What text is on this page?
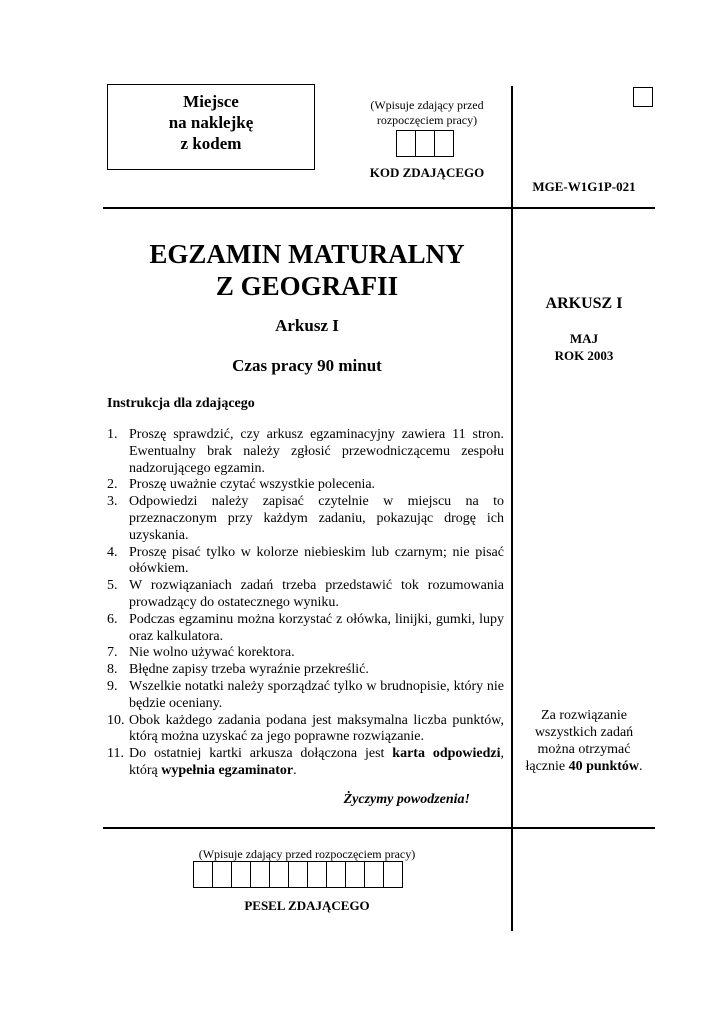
Miejsce
na naklejkę
z kodem
(Wpisuje zdający przed
rozpoczęciem pracy)
KOD ZDAJĄCEGO
MGE-W1G1P-021
EGZAMIN MATURALNY
Z GEOGRAFII
Arkusz I
Czas pracy 90 minut
Instrukcja dla zdającego
1. Proszę sprawdzić, czy arkusz egzaminacyjny zawiera 11 stron. Ewentualny brak należy zgłosić przewodniczącemu zespołu nadzorującego egzamin.
2. Proszę uważnie czytać wszystkie polecenia.
3. Odpowiedzi należy zapisać czytelnie w miejscu na to przeznaczonym przy każdym zadaniu, pokazując drogę ich uzyskania.
4. Proszę pisać tylko w kolorze niebieskim lub czarnym; nie pisać ołówkiem.
5. W rozwiązaniach zadań trzeba przedstawić tok rozumowania prowadzący do ostatecznego wyniku.
6. Podczas egzaminu można korzystać z ołówka, linijki, gumki, lupy oraz kalkulatora.
7. Nie wolno używać korektora.
8. Błędne zapisy trzeba wyraźnie przekreślić.
9. Wszelkie notatki należy sporządzać tylko w brudnopisie, który nie będzie oceniany.
10. Obok każdego zadania podana jest maksymalna liczba punktów, którą można uzyskać za jego poprawne rozwiązanie.
11. Do ostatniej kartki arkusza dołączona jest karta odpowiedzi, którą wypełnia egzaminator.
Życzymy powodzenia!
ARKUSZ I
MAJ
ROK 2003
Za rozwiązanie
wszystkich zadań
można otrzymać
łącznie 40 punktów.
(Wpisuje zdający przed rozpoczęciem pracy)
PESEL ZDAJĄCEGO
